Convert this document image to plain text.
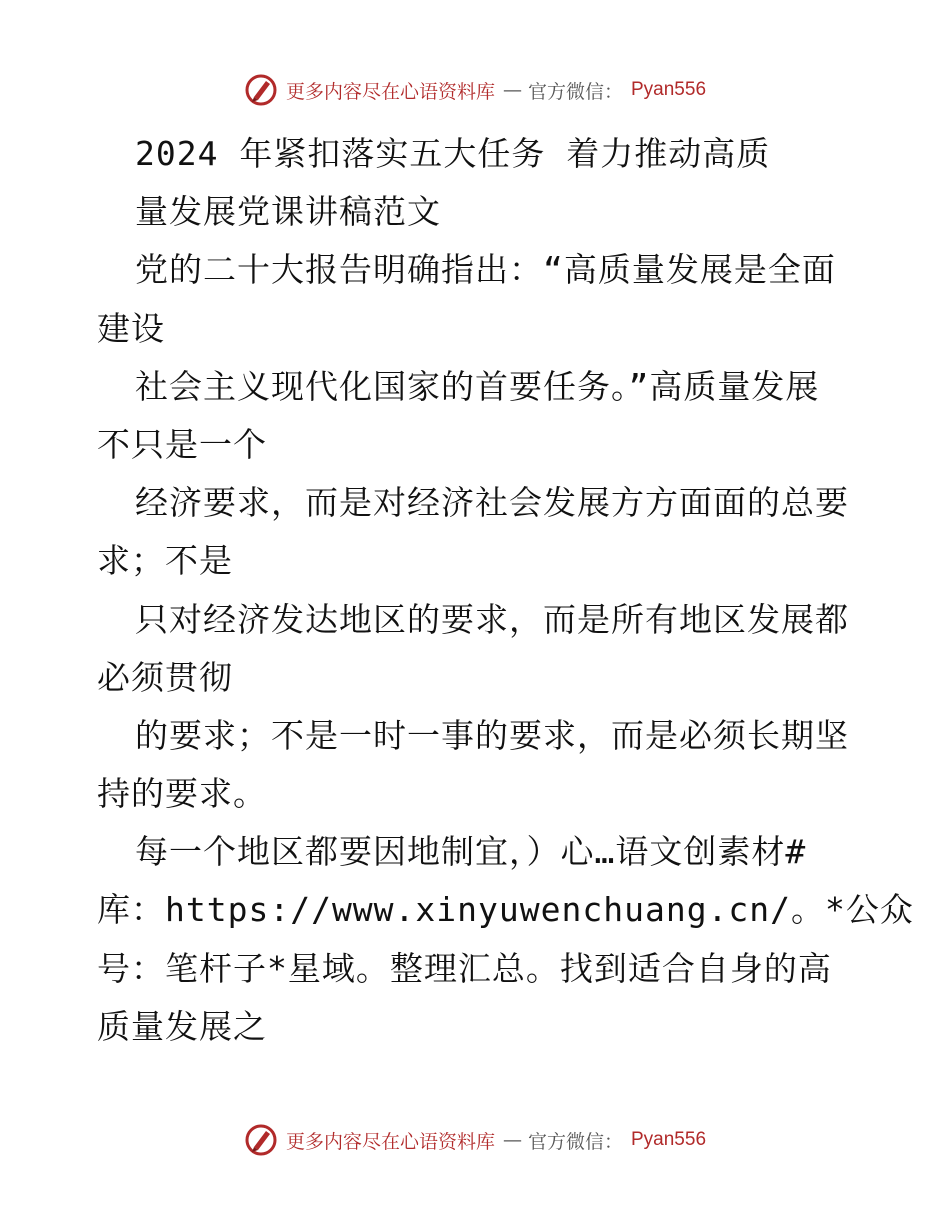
更多内容尽在心语资料库 — 官方微信： Pyan556
2024 年紧扣落实五大任务 着力推动高质
量发展党课讲稿范文
党的二十大报告明确指出：“高质量发展是全面
建设
社会主义现代化国家的首要任务。”高质量发展
不只是一个
经济要求，而是对经济社会发展方方面面的总要
求；不是
只对经济发达地区的要求，而是所有地区发展都
必须贯彻
的要求；不是一时一事的要求，而是必须长期坚
持的要求。
每一个地区都要因地制宜，）心…语文创素材#
库：https://www.xinyuwenchuang.cn/。*公众
号：笔杆子*星域。整理汇总。找到适合自身的高
质量发展之
更多内容尽在心语资料库 — 官方微信： Pyan556
